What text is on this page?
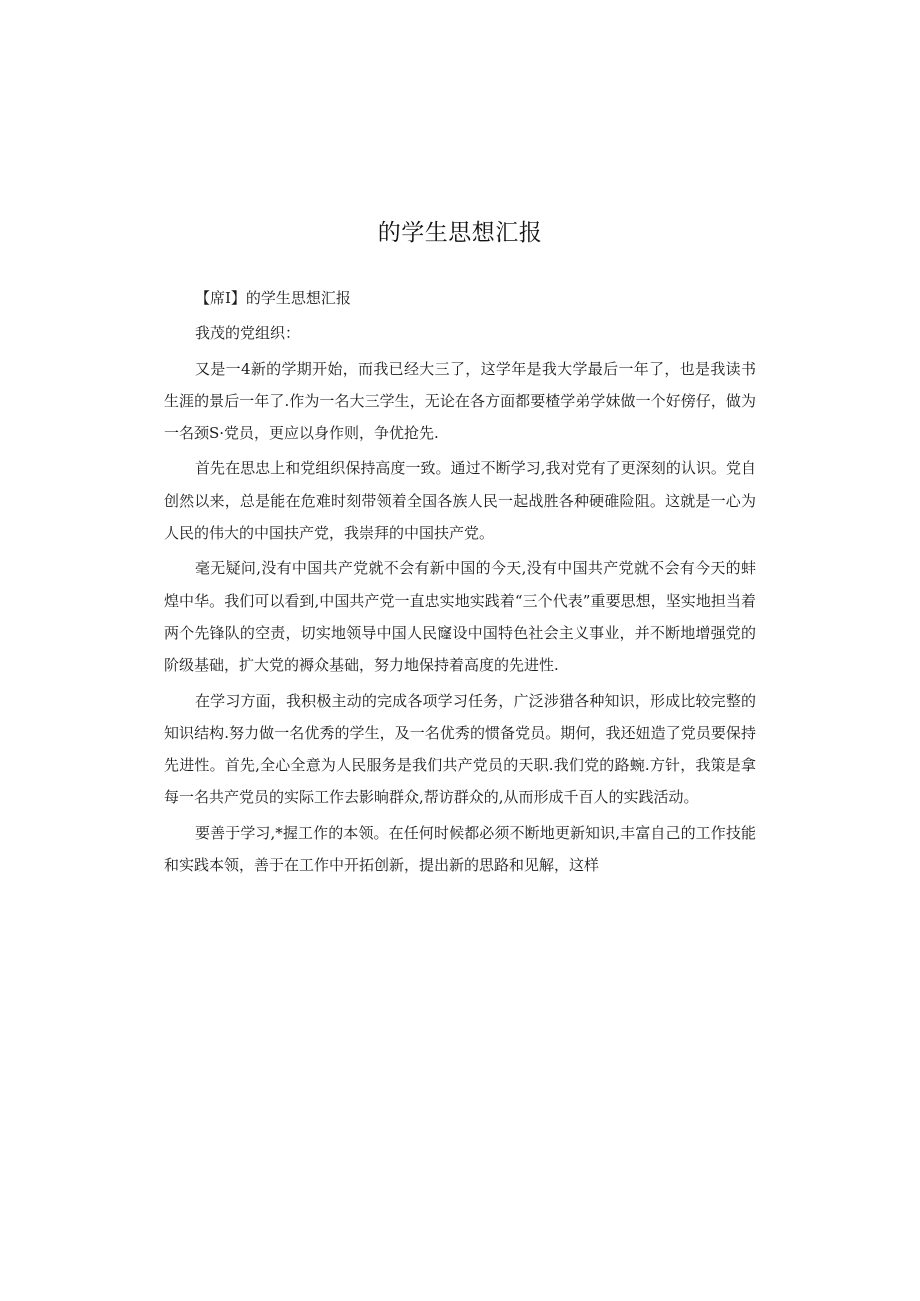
的学生思想汇报

【席I】的学生思想汇报

我茂的党组织：

又是一4新的学期开始，而我已经大三了，这学年是我大学最后一年了，也是我读书生涯的景后一年了.作为一名大三学生，无论在各方面都要楂学弟学妹做一个好傍仔，做为一名颈S·党员，更应以身作则，争优抢先.

首先在思忠上和党组织保持高度一致。通过不断学习,我对党有了更深刻的认识。党自创然以来，总是能在危难时刻带领着全国各族人民一起战胜各种硬碓险阻。这就是一心为人民的伟大的中国扶产党，我崇拜的中国扶产党。

毫无疑问,没有中国共产党就不会有新中国的今天,没有中国共产党就不会有今天的蚌煌中华。我们可以看到,中国共产党一直忠实地实践着“三个代表”重要思想，坚实地担当着两个先锋队的空责，切实地领导中国人民窿设中国特色社会主义事业，并不断地增强党的阶级基础，扩大党的褥众基础，努力地保持着高度的先进性.

在学习方面，我积极主动的完成各项学习任务，广泛涉猎各种知识，形成比较完整的知识结构.努力做一名优秀的学生，及一名优秀的惯备党员。期何，我还妞造了党员要保持先进性。首先,全心全意为人民服务是我们共产党员的天职.我们党的路蜿.方针，我策是拿每一名共产党员的实际工作去影晌群众,帮访群众的,从而形成千百人的实践活动。

要善于学习,*握工作的本领。在任何时候都必须不断地更新知识,丰富自己的工作技能和实践本领，善于在工作中开拓创新，提出新的思路和见解，这样
